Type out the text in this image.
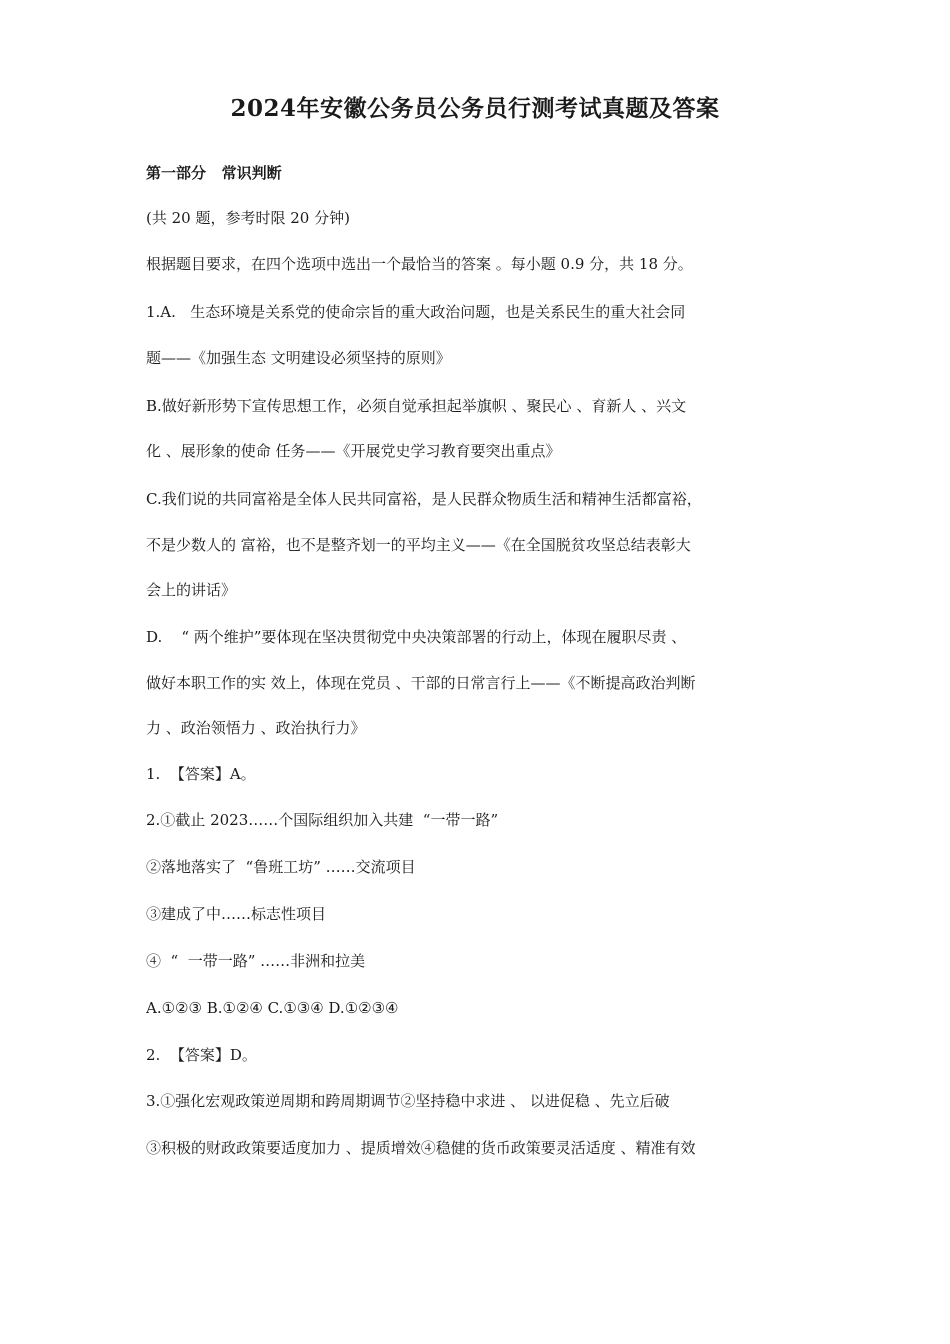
2024年安徽公务员公务员行测考试真题及答案
第一部分   常识判断
(共 20 题，参考时限 20 分钟)
根据题目要求，在四个选项中选出一个最恰当的答案 。每小题 0.9 分，共 18 分。
1.A.   生态环境是关系党的使命宗旨的重大政治问题，也是关系民生的重大社会同
题——《加强生态 文明建设必须坚持的原则》
B.做好新形势下宣传思想工作，必须自觉承担起举旗帜 、聚民心 、育新人 、兴文
化 、展形象的使命 任务——《开展党史学习教育要突出重点》
C.我们说的共同富裕是全体人民共同富裕，是人民群众物质生活和精神生活都富裕，
不是少数人的 富裕，也不是整齐划一的平均主义——《在全国脱贫攻坚总结表彰大
会上的讲话》
D.    “ 两个维护”要体现在坚决贯彻党中央决策部署的行动上，体现在履职尽责 、
做好本职工作的实 效上，体现在党员 、干部的日常言行上——《不断提高政治判断
力 、政治领悟力 、政治执行力》
1.  【答案】A。
2.①截止 2023……个国际组织加入共建  “一带一路”
②落地落实了  “鲁班工坊” ……交流项目
③建成了中……标志性项目
④  “  一带一路” ……非洲和拉美
A.①②③ B.①②④ C.①③④ D.①②③④
2.  【答案】D。
3.①强化宏观政策逆周期和跨周期调节②坚持稳中求进 、 以进促稳 、先立后破
③积极的财政政策要适度加力 、提质增效④稳健的货币政策要灵活适度 、精准有效
